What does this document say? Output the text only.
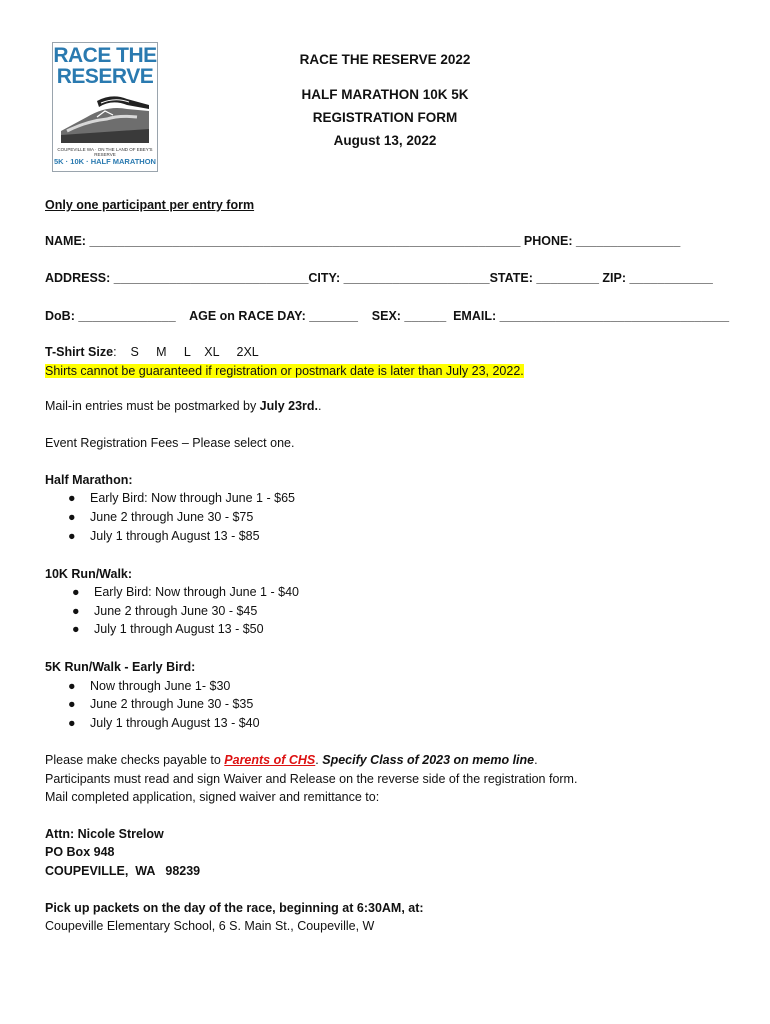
RACE THE
RESERVE
COUPEVILLE WA · ON THE LAND OF EBEY'S RESERVE
5K · 10K · HALF MARATHON
RACE THE RESERVE 2022
HALF MARATHON 10K 5K
REGISTRATION FORM
August 13, 2022
Only one participant per entry form
NAME: ______________________________________________________________ PHONE: _______________
ADDRESS: ____________________________CITY: _____________________STATE: _________ ZIP: ____________
DoB: ______________    AGE on RACE DAY: _______    SEX: ______  EMAIL: _________________________________
T-Shirt Size:    S     M     L    XL     2XL
Shirts cannot be guaranteed if registration or postmark date is later than July 23, 2022.
Mail-in entries must be postmarked by July 23rd..
Event Registration Fees – Please select one.
Half Marathon:
● Early Bird: Now through June 1 - $65
● June 2 through June 30 - $75
● July 1 through August 13 - $85
10K Run/Walk:
● Early Bird: Now through June 1 - $40
● June 2 through June 30 - $45
● July 1 through August 13 - $50
5K Run/Walk - Early Bird:
● Now through June 1- $30
● June 2 through June 30 - $35
● July 1 through August 13 - $40
Please make checks payable to Parents of CHS. Specify Class of 2023 on memo line.
Participants must read and sign Waiver and Release on the reverse side of the registration form.
Mail completed application, signed waiver and remittance to:
Attn: Nicole Strelow
PO Box 948
COUPEVILLE,  WA   98239
Pick up packets on the day of the race, beginning at 6:30AM, at:
Coupeville Elementary School, 6 S. Main St., Coupeville, W
